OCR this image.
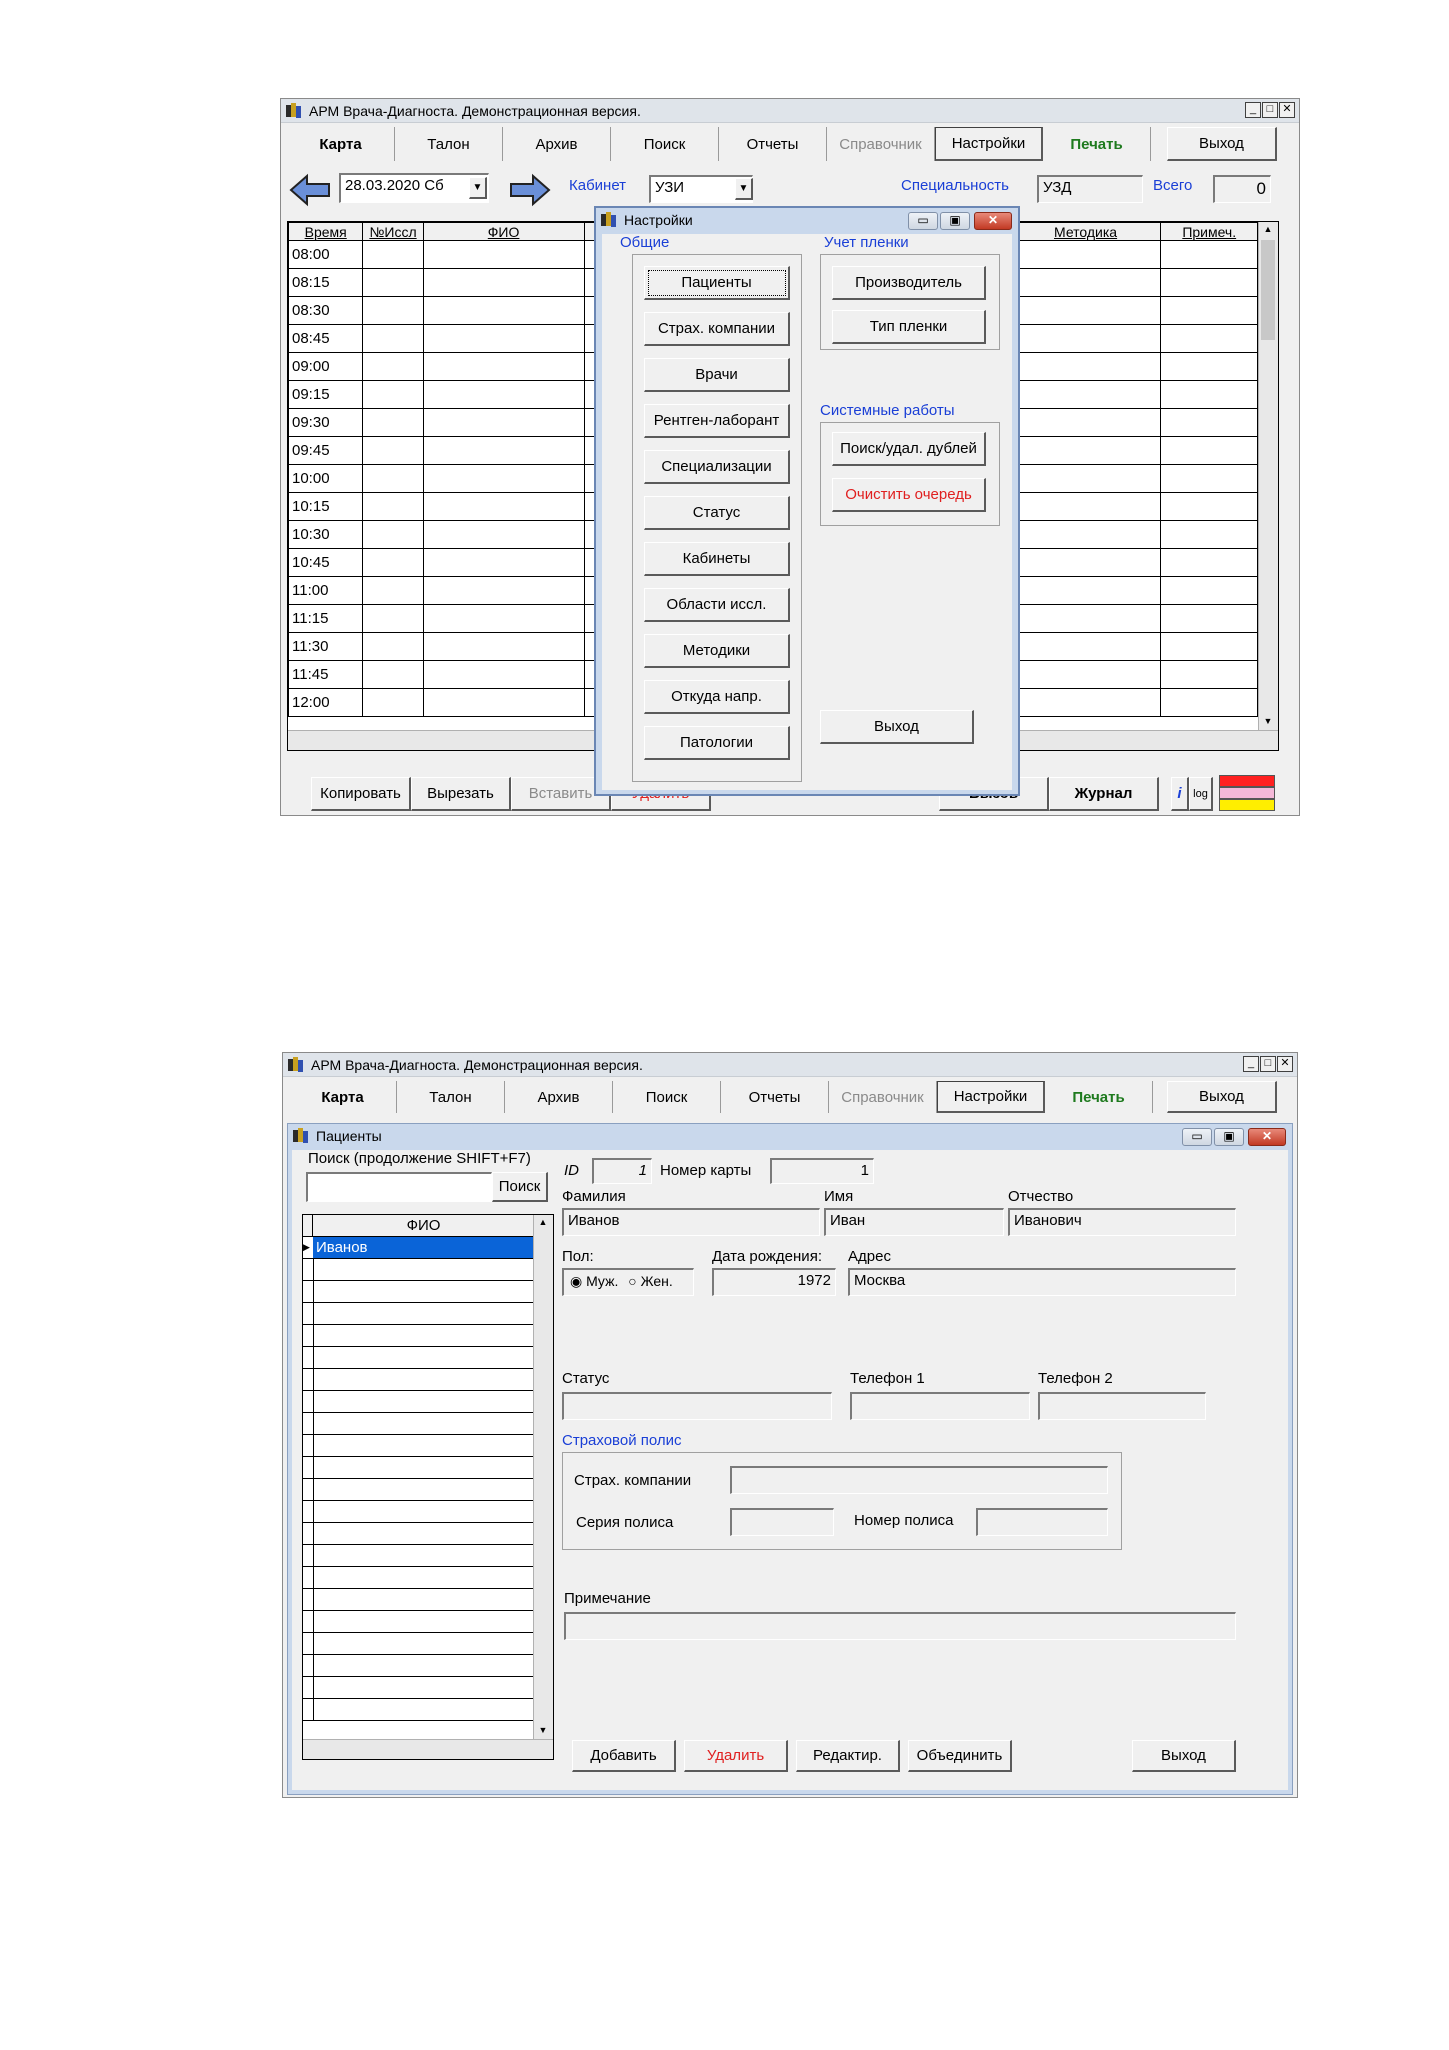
АРМ Врача-Диагноста. Демонстрационная версия.	_ □ ✕
Карта	Талон	Архив	Поиск	Отчеты	Справочник	Настройки	Печать	Выход
28.03.2020 Сб	▼	Кабинет	УЗИ	▼	Специальность	УЗД	Всего	0
Время	№Иссл	ФИО		Методика	Примеч.
08:00					
08:15					
08:30					
08:45					
09:00					
09:15					
09:30					
09:45					
10:00					
10:15					
10:30					
10:45					
11:00					
11:15					
11:30					
11:45					
12:00					
▲
▼
Копировать	Вырезать	Вставить	Журнал	i	log
Настройки	▭	▣	✕
Общие
Пациенты
Страх. компании
Врачи
Рентген-лаборант
Специализации
Статус
Кабинеты
Области иссл.
Методики
Откуда напр.
Патологии
Учет пленки
Производитель
Тип пленки
Системные работы
Поиск/удал. дублей
Очистить очередь
Выход
АРМ Врача-Диагноста. Демонстрационная версия.	_ □ ✕
Карта	Талон	Архив	Поиск	Отчеты	Справочник	Настройки	Печать	Выход
Пациенты	▭	▣	✕
Поиск (продолжение SHIFT+F7)
Поиск
ФИО
▶ Иванов
▲
▼
ID	1 Номер карты	1
Фамилия
Иванов
Имя
Иван
Отчество
Иванович
Пол:
◉ Муж. ○ Жен.
Дата рождения:
1972
Адрес
Москва
Статус	Телефон 1	Телефон 2
Страховой полис
Страх. компании
Серия полиса	Номер полиса
Примечание
Добавить	Удалить	Редактир.	Объединить	Выход
